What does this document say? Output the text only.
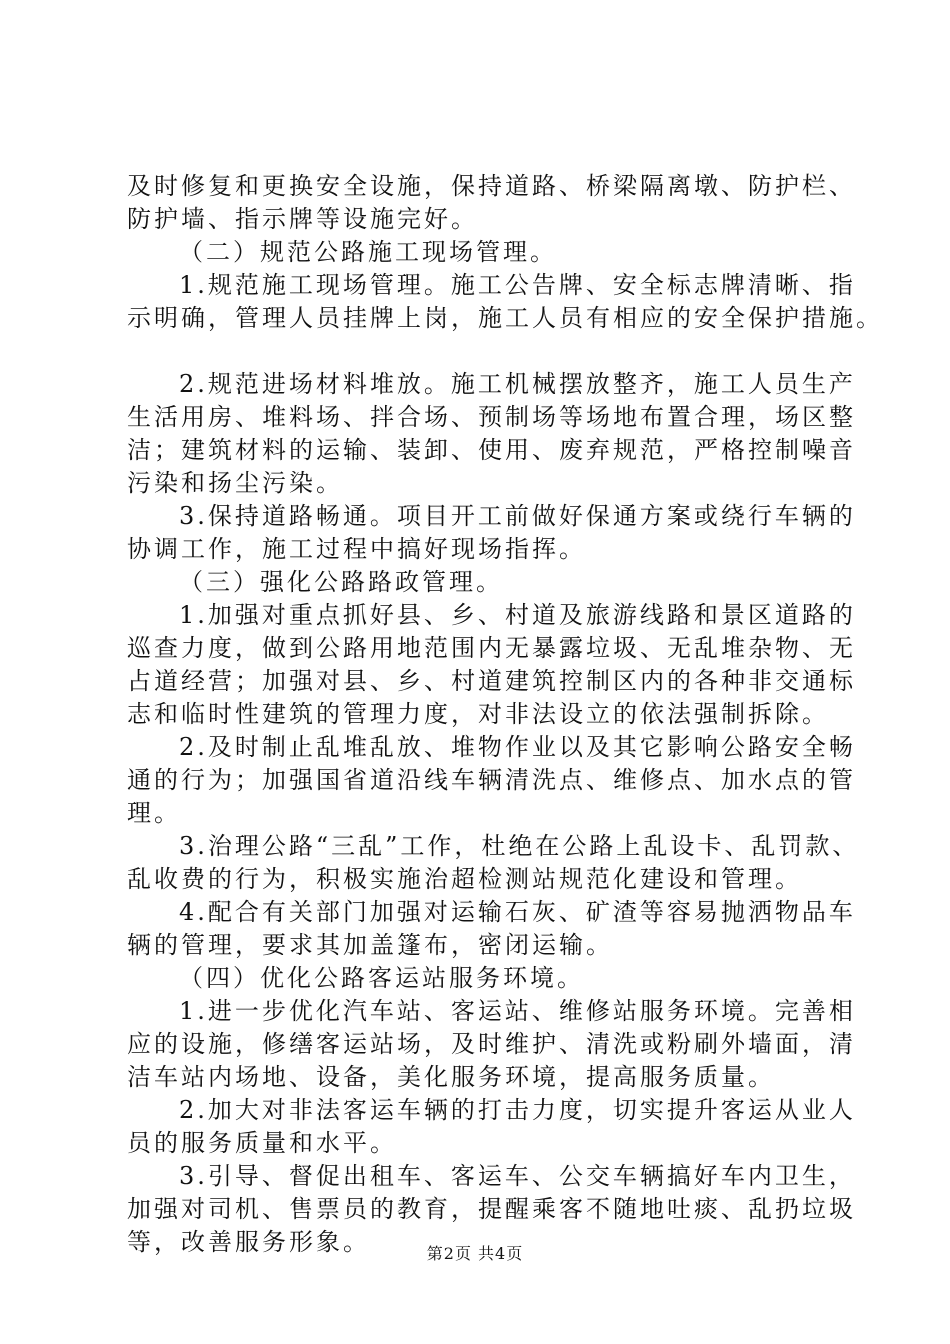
及时修复和更换安全设施，保持道路、桥梁隔离墩、防护栏、
防护墙、指示牌等设施完好。
（二）规范公路施工现场管理。
1.规范施工现场管理。施工公告牌、安全标志牌清晰、指
示明确，管理人员挂牌上岗，施工人员有相应的安全保护措施。
2.规范进场材料堆放。施工机械摆放整齐，施工人员生产
生活用房、堆料场、拌合场、预制场等场地布置合理，场区整
洁；建筑材料的运输、装卸、使用、废弃规范，严格控制噪音
污染和扬尘污染。
3.保持道路畅通。项目开工前做好保通方案或绕行车辆的
协调工作，施工过程中搞好现场指挥。
（三）强化公路路政管理。
1.加强对重点抓好县、乡、村道及旅游线路和景区道路的
巡查力度，做到公路用地范围内无暴露垃圾、无乱堆杂物、无
占道经营；加强对县、乡、村道建筑控制区内的各种非交通标
志和临时性建筑的管理力度，对非法设立的依法强制拆除。
2.及时制止乱堆乱放、堆物作业以及其它影响公路安全畅
通的行为；加强国省道沿线车辆清洗点、维修点、加水点的管
理。
3.治理公路“三乱”工作，杜绝在公路上乱设卡、乱罚款、
乱收费的行为，积极实施治超检测站规范化建设和管理。
4.配合有关部门加强对运输石灰、矿渣等容易抛洒物品车
辆的管理，要求其加盖篷布，密闭运输。
（四）优化公路客运站服务环境。
1.进一步优化汽车站、客运站、维修站服务环境。完善相
应的设施，修缮客运站场，及时维护、清洗或粉刷外墙面，清
洁车站内场地、设备，美化服务环境，提高服务质量。
2.加大对非法客运车辆的打击力度，切实提升客运从业人
员的服务质量和水平。
3.引导、督促出租车、客运车、公交车辆搞好车内卫生，
加强对司机、售票员的教育，提醒乘客不随地吐痰、乱扔垃圾
等，改善服务形象。	第2页 共4页
